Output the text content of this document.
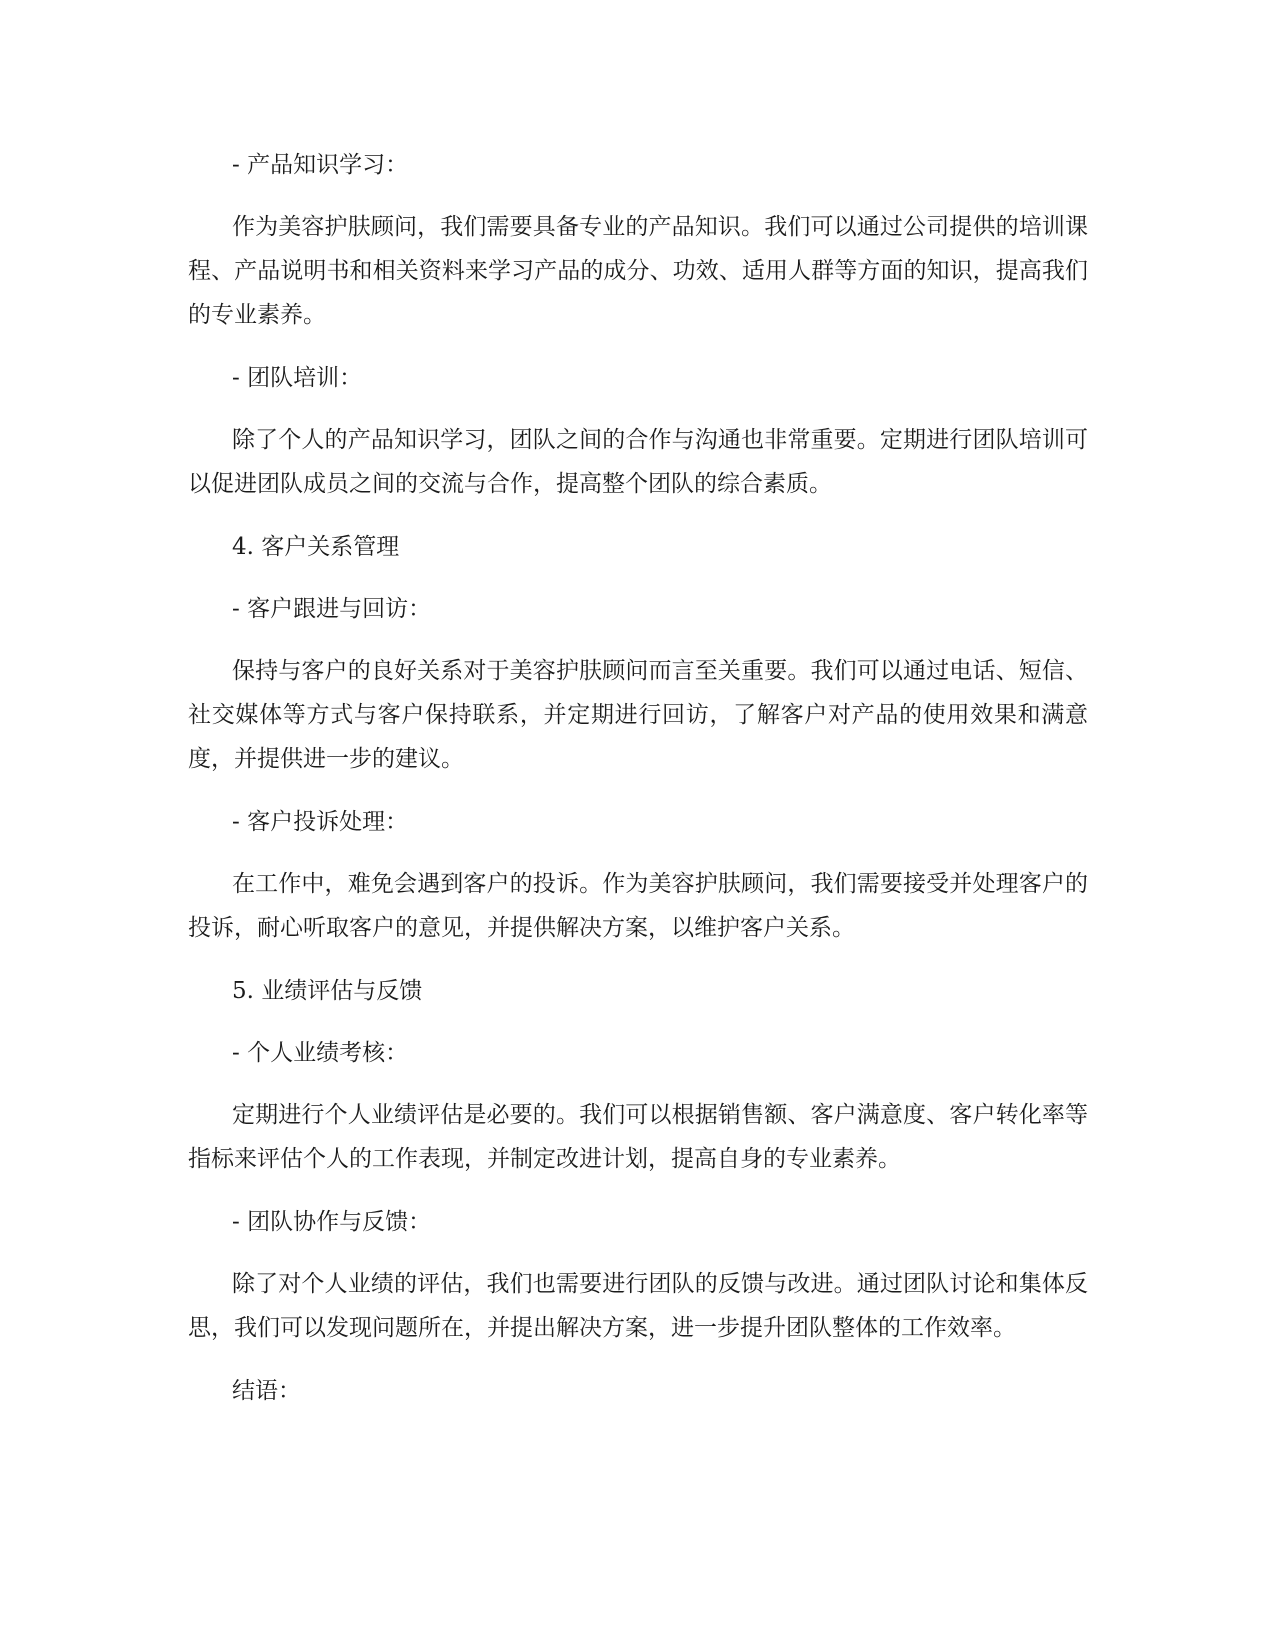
- 产品知识学习：

作为美容护肤顾问，我们需要具备专业的产品知识。我们可以通过公司提供的培训课程、产品说明书和相关资料来学习产品的成分、功效、适用人群等方面的知识，提高我们的专业素养。

- 团队培训：

除了个人的产品知识学习，团队之间的合作与沟通也非常重要。定期进行团队培训可以促进团队成员之间的交流与合作，提高整个团队的综合素质。

4. 客户关系管理

- 客户跟进与回访：

保持与客户的良好关系对于美容护肤顾问而言至关重要。我们可以通过电话、短信、社交媒体等方式与客户保持联系，并定期进行回访，了解客户对产品的使用效果和满意度，并提供进一步的建议。

- 客户投诉处理：

在工作中，难免会遇到客户的投诉。作为美容护肤顾问，我们需要接受并处理客户的投诉，耐心听取客户的意见，并提供解决方案，以维护客户关系。

5. 业绩评估与反馈

- 个人业绩考核：

定期进行个人业绩评估是必要的。我们可以根据销售额、客户满意度、客户转化率等指标来评估个人的工作表现，并制定改进计划，提高自身的专业素养。

- 团队协作与反馈：

除了对个人业绩的评估，我们也需要进行团队的反馈与改进。通过团队讨论和集体反思，我们可以发现问题所在，并提出解决方案，进一步提升团队整体的工作效率。

结语：
